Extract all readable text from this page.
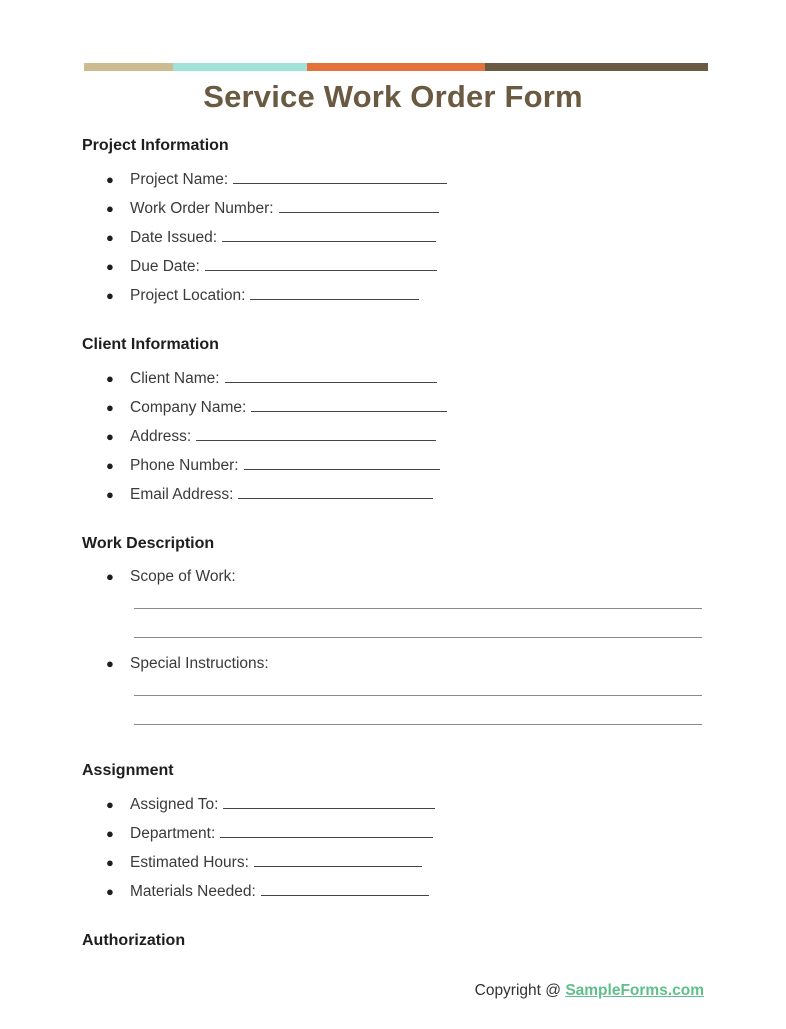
Service Work Order Form
Project Information
●	Project Name:
●	Work Order Number:
●	Date Issued:
●	Due Date:
●	Project Location:
Client Information
●	Client Name:
●	Company Name:
●	Address:
●	Phone Number:
●	Email Address:
Work Description
●	Scope of Work:
●	Special Instructions:
Assignment
●	Assigned To:
●	Department:
●	Estimated Hours:
●	Materials Needed:
Authorization
Copyright @ SampleForms.com
